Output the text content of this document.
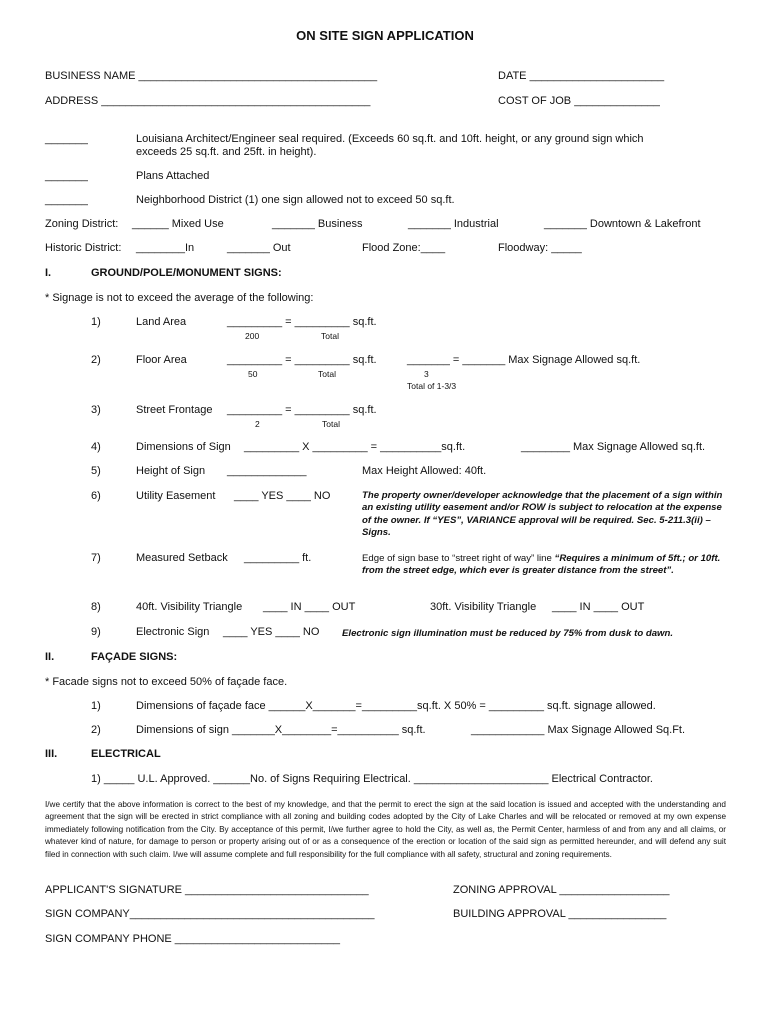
ON SITE SIGN APPLICATION
BUSINESS NAME _______________________________________	DATE ______________________
ADDRESS ____________________________________________	COST OF JOB ______________
_______	Louisiana Architect/Engineer seal required. (Exceeds 60 sq.ft. and 10ft. height, or any ground sign which
exceeds 25 sq.ft. and 25ft. in height).
_______	Plans Attached
_______	Neighborhood District (1) one sign allowed not to exceed 50 sq.ft.
Zoning District: ______ Mixed Use	_______ Business	_______ Industrial	_______ Downtown & Lakefront
Historic District: ________In	_______ Out	Flood Zone:____	Floodway: _____
I.	GROUND/POLE/MONUMENT SIGNS:
* Signage is not to exceed the average of the following:
1)	Land Area	_________ = _________ sq.ft.
200	Total
2)	Floor Area	_________ = _________ sq.ft.	_______ = _______ Max Signage Allowed sq.ft.
50	Total	3
Total of 1-3/3
3)	Street Frontage _________ = _________ sq.ft.
2	Total
4)	Dimensions of Sign _________ X _________ = __________sq.ft.	________ Max Signage Allowed sq.ft.
5)	Height of Sign _____________	Max Height Allowed: 40ft.
6)	Utility Easement ____ YES ____ NO	The property owner/developer acknowledge that the placement of a sign within an existing utility easement and/or ROW is subject to relocation at the expense of the owner. If “YES”, VARIANCE approval will be required. Sec. 5-211.3(ii) – Signs.
7)	Measured Setback _________ ft.	Edge of sign base to “street right of way” line “Requires a minimum of 5ft.; or 10ft. from the street edge, which ever is greater distance from the street”.
8)	40ft. Visibility Triangle ____ IN ____ OUT	30ft. Visibility Triangle ____ IN ____ OUT
9)	Electronic Sign ____ YES ____ NO Electronic sign illumination must be reduced by 75% from dusk to dawn.
II.	FAÇADE SIGNS:
* Facade signs not to exceed 50% of façade face.
1)	Dimensions of façade face ______X_______=_________sq.ft. X 50% = _________ sq.ft. signage allowed.
2)	Dimensions of sign _______X________=__________ sq.ft.	____________ Max Signage Allowed Sq.Ft.
III.	ELECTRICAL
1) _____ U.L. Approved. ______No. of Signs Requiring Electrical. ______________________ Electrical Contractor.
I/we certify that the above information is correct to the best of my knowledge, and that the permit to erect the sign at the said location is issued and accepted with the understanding and agreement that the sign will be erected in strict compliance with all zoning and building codes adopted by the City of Lake Charles and will be relocated or removed at my own expense immediately following notification from the City. By acceptance of this permit, I/we further agree to hold the City, as well as, the Permit Center, harmless of and from any and all claims, or whatever kind of nature, for damage to person or property arising out of or as a consequence of the erection or location of the said sign as permitted hereunder, and will defend any suit filed in connection with such claim. I/we will assume complete and full responsibility for the full compliance with all safety, structural and zoning requirements.
APPLICANT'S SIGNATURE ______________________________	ZONING APPROVAL __________________
SIGN COMPANY________________________________________	BUILDING APPROVAL ________________
SIGN COMPANY PHONE ___________________________
